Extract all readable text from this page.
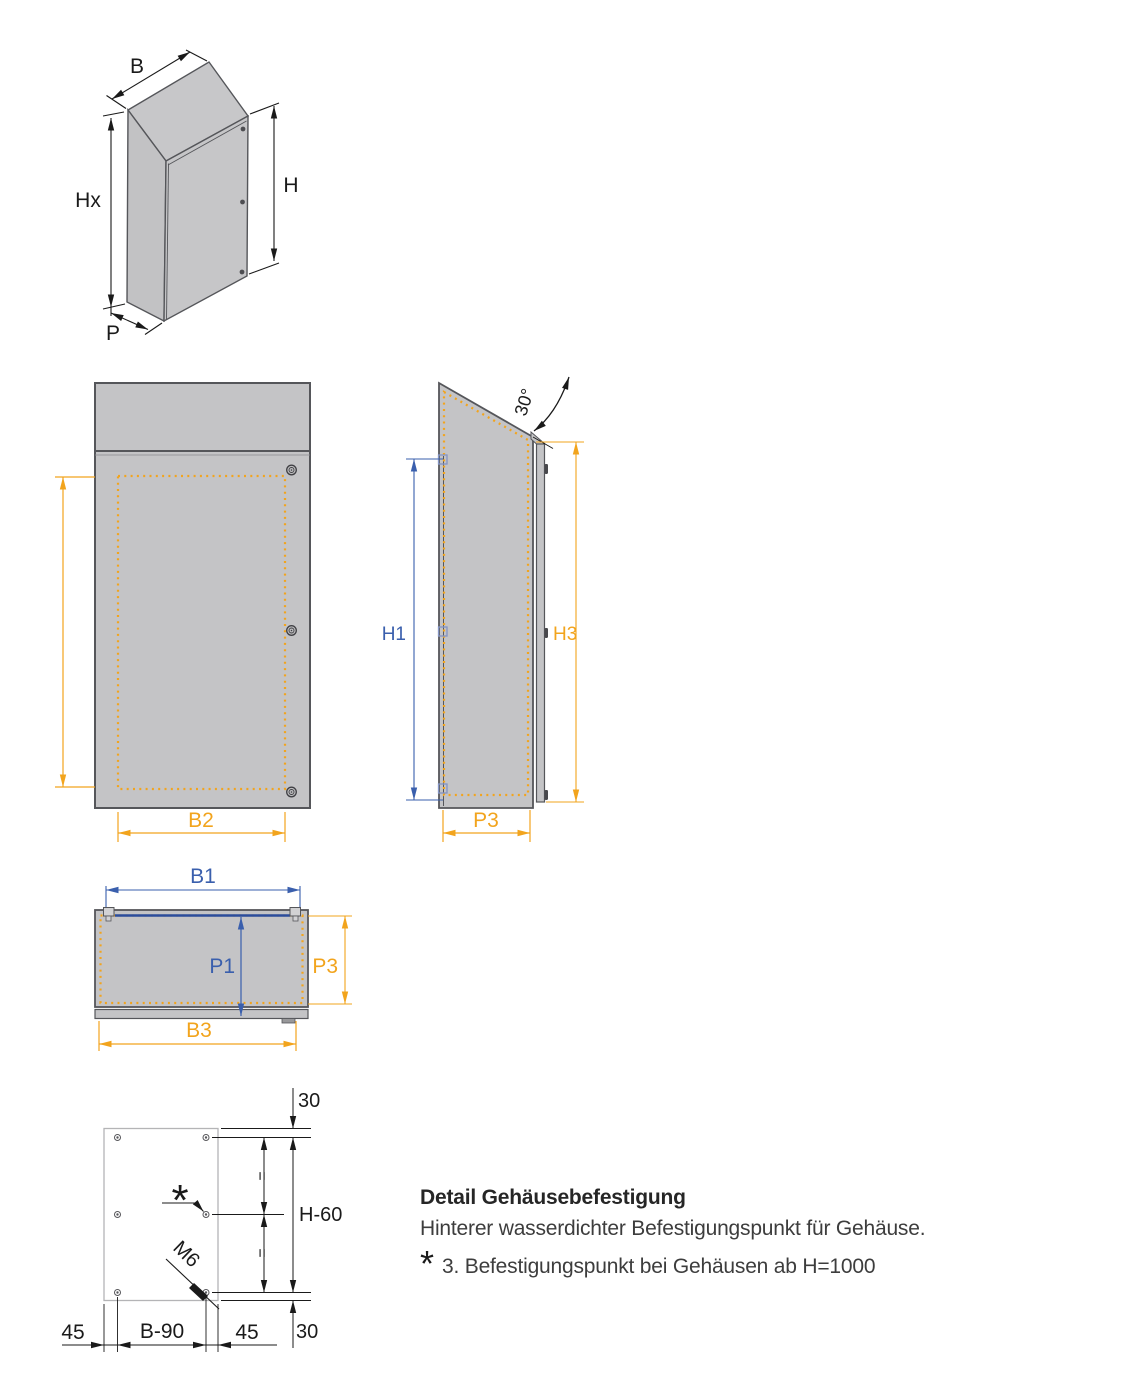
B
Hx
H
P
B2
30°
H1	H3
P3
B1
P1	P3
B3
30
H-60
30
=
=
45	B-90 45
*
M6
Detail Gehäusebefestigung
Hinterer wasserdichter Befestigungspunkt für Gehäuse.
* 3. Befestigungspunkt bei Gehäusen ab H=1000
